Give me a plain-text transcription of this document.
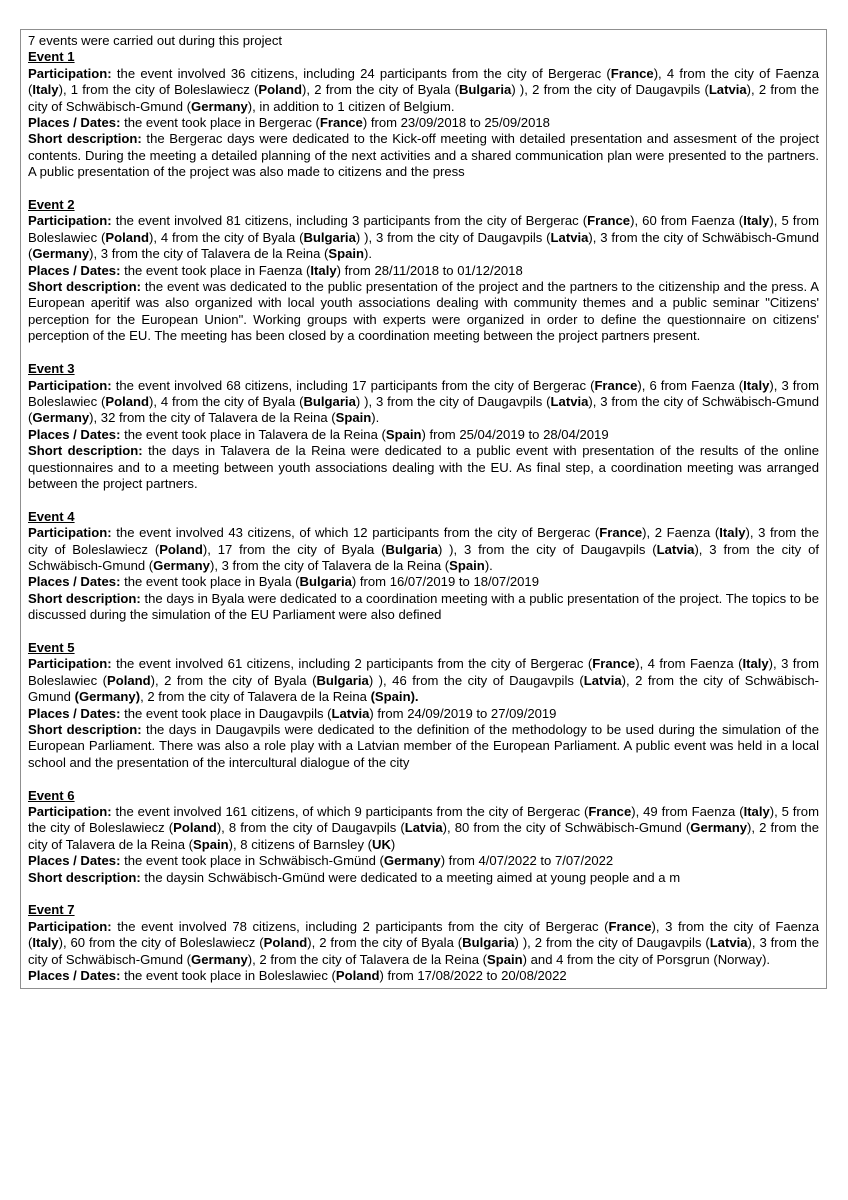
7 events were carried out during this project
Event 1

Participation: the event involved 36 citizens, including 24 participants from the city of Bergerac (France), 4 from the city of Faenza (Italy), 1 from the city of Boleslawiecz (Poland), 2 from the city of Byala (Bulgaria) ), 2 from the city of Daugavpils (Latvia), 2 from the city of Schwäbisch-Gmund (Germany), in addition to 1 citizen of Belgium.

Places / Dates: the event took place in Bergerac (France) from 23/09/2018 to 25/09/2018

Short description: the Bergerac days were dedicated to the Kick-off meeting with detailed presentation and assesment of the project contents. During the meeting a detailed planning of the next activities and a shared communication plan were presented to the partners. A public presentation of the project was also made to citizens and the press

Event 2

Participation: the event involved 81 citizens, including 3 participants from the city of Bergerac (France), 60 from Faenza (Italy), 5 from Boleslawiec (Poland), 4 from the city of Byala (Bulgaria) ), 3 from the city of Daugavpils (Latvia), 3 from the city of Schwäbisch-Gmund (Germany), 3 from the city of Talavera de la Reina (Spain).

Places / Dates: the event took place in Faenza (Italy) from 28/11/2018 to 01/12/2018

Short description: the event was dedicated to the public presentation of the project and the partners to the citizenship and the press. A European aperitif was also organized with local youth associations dealing with community themes and a public seminar "Citizens' perception for the European Union". Working groups with experts were organized in order to define the questionnaire on citizens' perception of the EU. The meeting has been closed by a coordination meeting between the project partners present.

Event 3

Participation: the event involved 68 citizens, including 17 participants from the city of Bergerac (France), 6 from Faenza (Italy), 3 from Boleslawiec (Poland), 4 from the city of Byala (Bulgaria) ), 3 from the city of Daugavpils (Latvia), 3 from the city of Schwäbisch-Gmund (Germany), 32 from the city of Talavera de la Reina (Spain).

Places / Dates: the event took place in Talavera de la Reina (Spain) from 25/04/2019 to 28/04/2019

Short description: the days in Talavera de la Reina were dedicated to a public event with presentation of the results of the online questionnaires and to a meeting between youth associations dealing with the EU. As final step, a coordination meeting was arranged between the project partners.

Event 4

Participation: the event involved 43 citizens, of which 12 participants from the city of Bergerac (France), 2 Faenza (Italy), 3 from the city of Boleslawiecz (Poland), 17 from the city of Byala (Bulgaria) ), 3 from the city of Daugavpils (Latvia), 3 from the city of Schwäbisch-Gmund (Germany), 3 from the city of Talavera de la Reina (Spain).

Places / Dates: the event took place in Byala (Bulgaria) from 16/07/2019 to 18/07/2019

Short description: the days in Byala were dedicated to a coordination meeting with a public presentation of the project. The topics to be discussed during the simulation of the EU Parliament were also defined

Event 5

Participation: the event involved 61 citizens, including 2 participants from the city of Bergerac (France), 4 from Faenza (Italy), 3 from Boleslawiec (Poland), 2 from the city of Byala (Bulgaria) ), 46 from the city of Daugavpils (Latvia), 2 from the city of Schwäbisch-Gmund (Germany), 2 from the city of Talavera de la Reina (Spain).

Places / Dates: the event took place in Daugavpils (Latvia) from 24/09/2019 to 27/09/2019

Short description: the days in Daugavpils were dedicated to the definition of the methodology to be used during the simulation of the European Parliament. There was also a role play with a Latvian member of the European Parliament. A public event was held in a local school and the presentation of the intercultural dialogue of the city

Event 6

Participation: the event involved 161 citizens, of which 9 participants from the city of Bergerac (France), 49 from Faenza (Italy), 5 from the city of Boleslawiecz (Poland), 8 from the city of Daugavpils (Latvia), 80 from the city of Schwäbisch-Gmund (Germany), 2 from the city of Talavera de la Reina (Spain), 8 citizens of Barnsley (UK)

Places / Dates: the event took place in Schwäbisch-Gmünd (Germany) from 4/07/2022 to 7/07/2022

Short description: the daysin Schwäbisch-Gmünd were dedicated to a meeting aimed at young people and a m

Event 7

Participation: the event involved 78 citizens, including 2 participants from the city of Bergerac (France), 3 from the city of Faenza (Italy), 60 from the city of Boleslawiecz (Poland), 2 from the city of Byala (Bulgaria) ), 2 from the city of Daugavpils (Latvia), 3 from the city of Schwäbisch-Gmund (Germany), 2 from the city of Talavera de la Reina (Spain) and 4 from the city of Porsgrun (Norway).

Places / Dates: the event took place in Boleslawiec (Poland) from 17/08/2022 to 20/08/2022
